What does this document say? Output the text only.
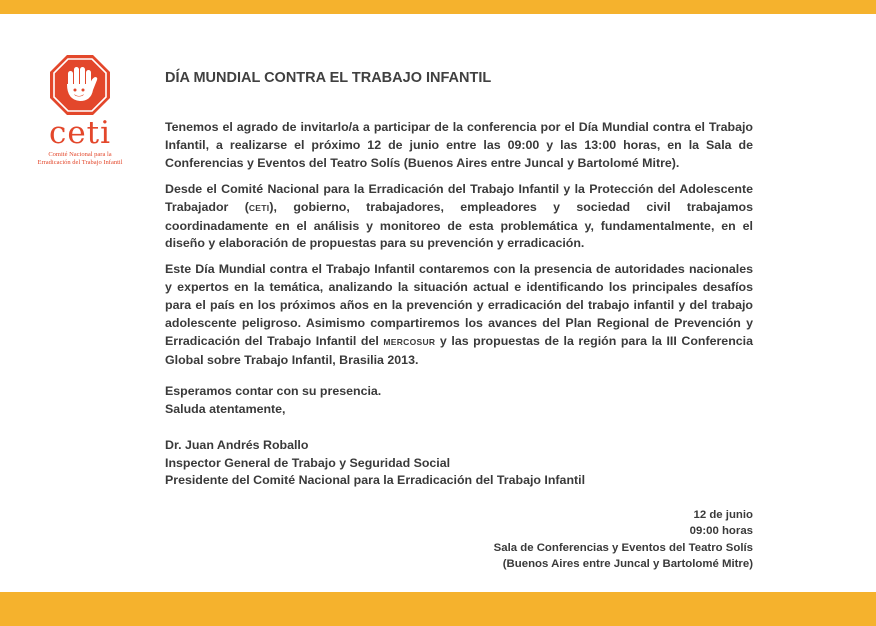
ceti
Comité Nacional para la
Erradicación del Trabajo Infantil
DÍA MUNDIAL CONTRA EL TRABAJO INFANTIL

Tenemos el agrado de invitarlo/a a participar de la conferencia por el Día Mundial contra el Trabajo Infantil, a realizarse el próximo 12 de junio entre las 09:00 y las 13:00 horas, en la Sala de Conferencias y Eventos del Teatro Solís (Buenos Aires entre Juncal y Bartolomé Mitre).

Desde el Comité Nacional para la Erradicación del Trabajo Infantil y la Protección del Adolescente Trabajador (CETI), gobierno, trabajadores, empleadores y sociedad civil trabajamos coordinadamente en el análisis y monitoreo de esta problemática y, fundamentalmente, en el diseño y elaboración de propuestas para su prevención y erradicación.

Este Día Mundial contra el Trabajo Infantil contaremos con la presencia de autoridades nacionales y expertos en la temática, analizando la situación actual e identificando los principales desafíos para el país en los próximos años en la prevención y erradicación del trabajo infantil y del trabajo adolescente peligroso. Asimismo compartiremos los avances del Plan Regional de Prevención y Erradicación del Trabajo Infantil del MERCOSUR y las propuestas de la región para la III Conferencia Global sobre Trabajo Infantil, Brasilia 2013.

Esperamos contar con su presencia.
Saluda atentamente,
Dr. Juan Andrés Roballo
Inspector General de Trabajo y Seguridad Social
Presidente del Comité Nacional para la Erradicación del Trabajo Infantil
12 de junio
09:00 horas
Sala de Conferencias y Eventos del Teatro Solís
(Buenos Aires entre Juncal y Bartolomé Mitre)
